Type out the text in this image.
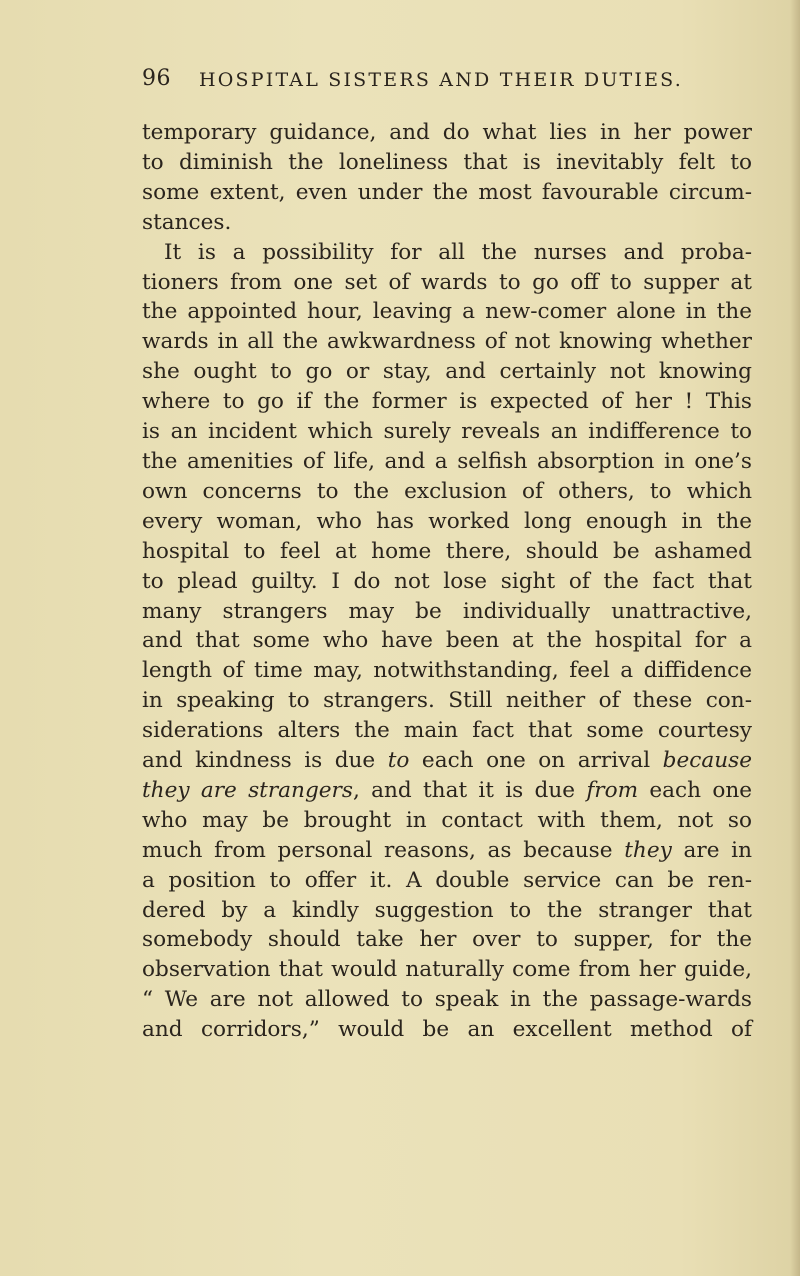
96 HOSPITAL SISTERS AND THEIR DUTIES.
temporary guidance, and do what lies in her power
to diminish the loneliness that is inevitably felt to
some extent, even under the most favourable circum-
stances.
It is a possibility for all the nurses and proba-
tioners from one set of wards to go off to supper at
the appointed hour, leaving a new-comer alone in the
wards in all the awkwardness of not knowing whether
she ought to go or stay, and certainly not knowing
where to go if the former is expected of her ! This
is an incident which surely reveals an indifference to
the amenities of life, and a selfish absorption in one’s
own concerns to the exclusion of others, to which
every woman, who has worked long enough in the
hospital to feel at home there, should be ashamed
to plead guilty. I do not lose sight of the fact that
many strangers may be individually unattractive,
and that some who have been at the hospital for a
length of time may, notwithstanding, feel a diffidence
in speaking to strangers. Still neither of these con-
siderations alters the main fact that some courtesy
and kindness is due to each one on arrival because
they are strangers, and that it is due from each one
who may be brought in contact with them, not so
much from personal reasons, as because they are in
a position to offer it. A double service can be ren-
dered by a kindly suggestion to the stranger that
somebody should take her over to supper, for the
observation that would naturally come from her guide,
“ We are not allowed to speak in the passage-wards
and corridors,” would be an excellent method of
